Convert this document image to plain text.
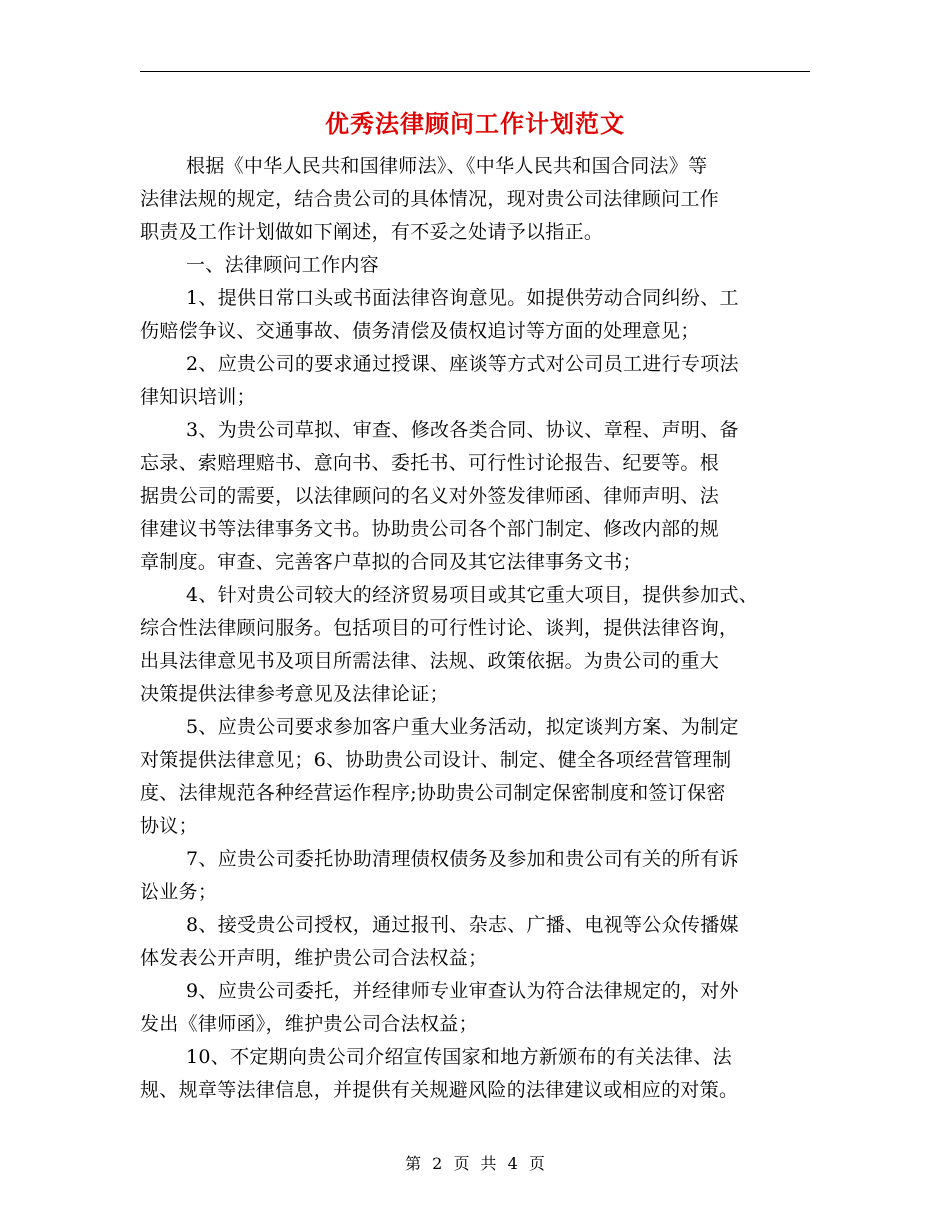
优秀法律顾问工作计划范文
根据《中华人民共和国律师法》、《中华人民共和国合同法》等
法律法规的规定，结合贵公司的具体情况，现对贵公司法律顾问工作
职责及工作计划做如下阐述，有不妥之处请予以指正。
一、法律顾问工作内容
1、提供日常口头或书面法律咨询意见。如提供劳动合同纠纷、工
伤赔偿争议、交通事故、债务清偿及债权追讨等方面的处理意见；
2、应贵公司的要求通过授课、座谈等方式对公司员工进行专项法
律知识培训；
3、为贵公司草拟、审查、修改各类合同、协议、章程、声明、备
忘录、索赔理赔书、意向书、委托书、可行性讨论报告、纪要等。根
据贵公司的需要，以法律顾问的名义对外签发律师函、律师声明、法
律建议书等法律事务文书。协助贵公司各个部门制定、修改内部的规
章制度。审查、完善客户草拟的合同及其它法律事务文书；
4、针对贵公司较大的经济贸易项目或其它重大项目，提供参加式、
综合性法律顾问服务。包括项目的可行性讨论、谈判，提供法律咨询，
出具法律意见书及项目所需法律、法规、政策依据。为贵公司的重大
决策提供法律参考意见及法律论证；
5、应贵公司要求参加客户重大业务活动，拟定谈判方案、为制定
对策提供法律意见；6、协助贵公司设计、制定、健全各项经营管理制
度、法律规范各种经营运作程序;协助贵公司制定保密制度和签订保密
协议；
7、应贵公司委托协助清理债权债务及参加和贵公司有关的所有诉
讼业务；
8、接受贵公司授权，通过报刊、杂志、广播、电视等公众传播媒
体发表公开声明，维护贵公司合法权益；
9、应贵公司委托，并经律师专业审查认为符合法律规定的，对外
发出《律师函》，维护贵公司合法权益；
10、不定期向贵公司介绍宣传国家和地方新颁布的有关法律、法
规、规章等法律信息，并提供有关规避风险的法律建议或相应的对策。
第 2 页 共 4 页
